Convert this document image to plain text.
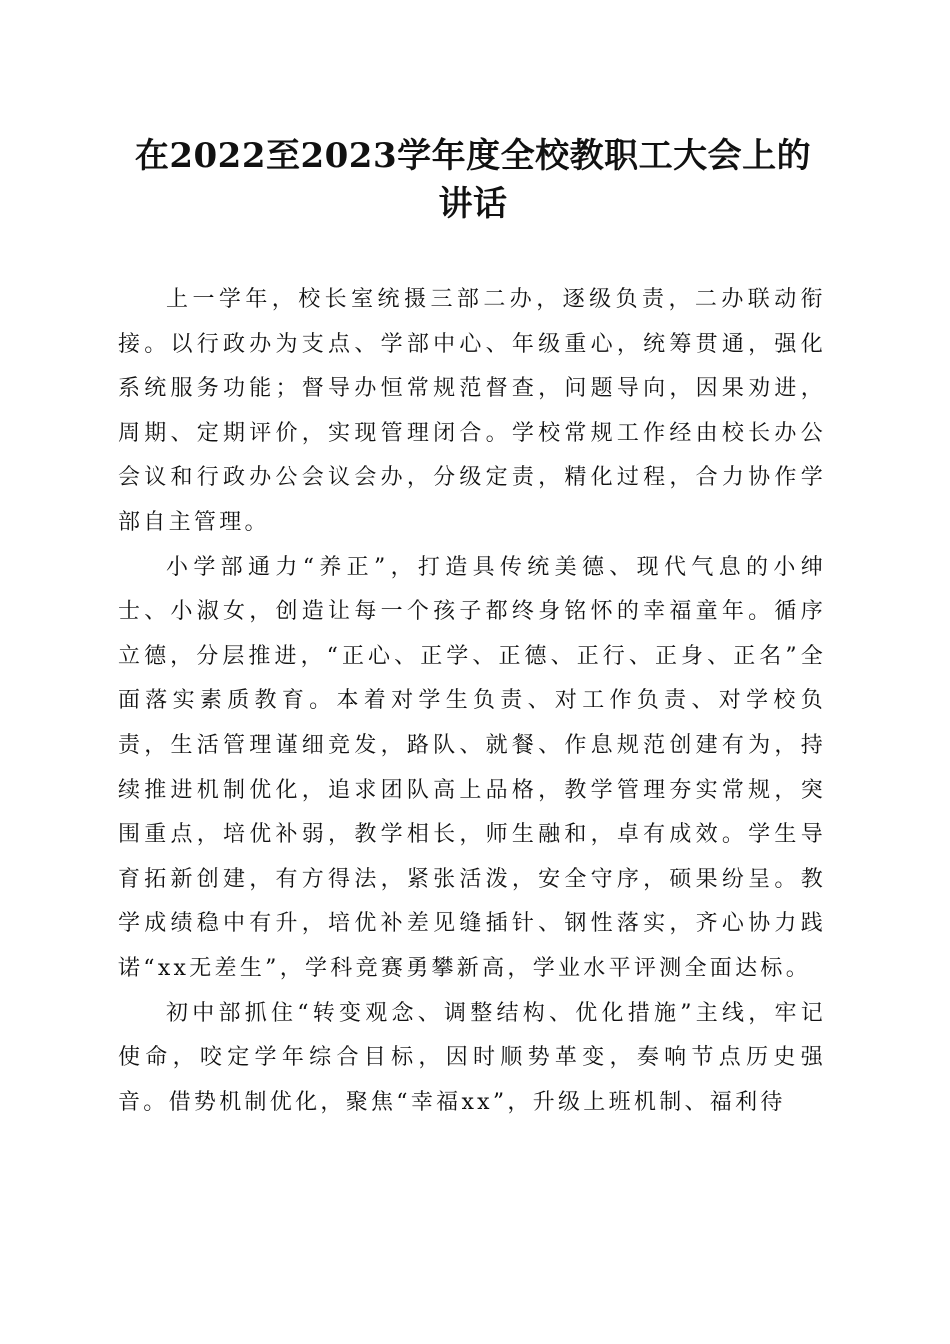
在2022至2023学年度全校教职工大会上的讲话

上一学年，校长室统摄三部二办，逐级负责，二办联动衔接。以行政办为支点、学部中心、年级重心，统筹贯通，强化系统服务功能；督导办恒常规范督查，问题导向，因果劝进，周期、定期评价，实现管理闭合。学校常规工作经由校长办公会议和行政办公会议会办，分级定责，精化过程，合力协作学部自主管理。

小学部通力“养正”，打造具传统美德、现代气息的小绅士、小淑女，创造让每一个孩子都终身铭怀的幸福童年。循序立德，分层推进，“正心、正学、正德、正行、正身、正名”全面落实素质教育。本着对学生负责、对工作负责、对学校负责，生活管理谨细竞发，路队、就餐、作息规范创建有为，持续推进机制优化，追求团队高上品格，教学管理夯实常规，突围重点，培优补弱，教学相长，师生融和，卓有成效。学生导育拓新创建，有方得法，紧张活泼，安全守序，硕果纷呈。教学成绩稳中有升，培优补差见缝插针、钢性落实，齐心协力践诺“xx无差生”，学科竞赛勇攀新高，学业水平评测全面达标。

初中部抓住“转变观念、调整结构、优化措施”主线，牢记使命，咬定学年综合目标，因时顺势革变，奏响节点历史强音。借势机制优化，聚焦“幸福xx”，升级上班机制、福利待
